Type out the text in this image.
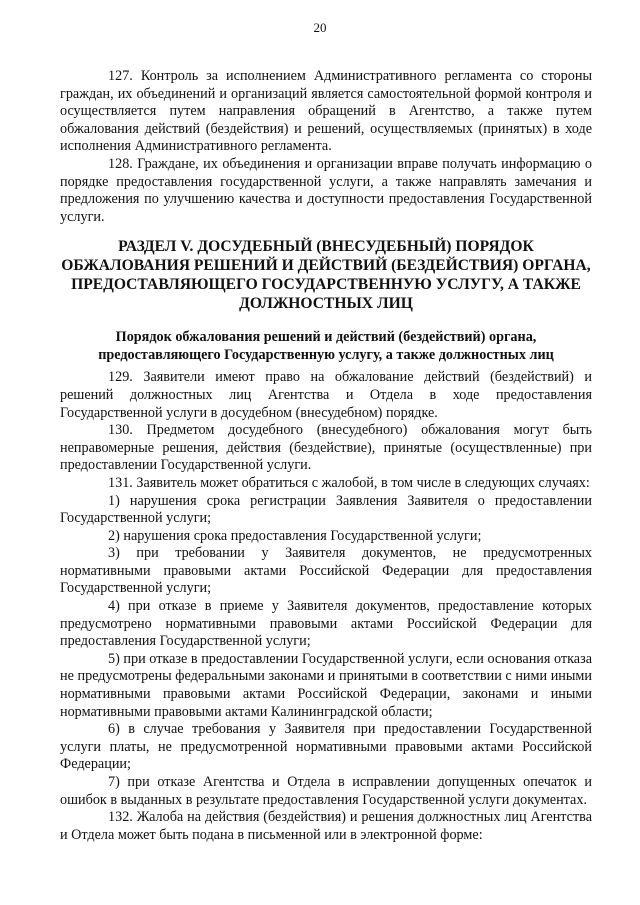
20

127. Контроль за исполнением Административного регламента со стороны граждан, их объединений и организаций является самостоятельной формой контроля и осуществляется путем направления обращений в Агентство, а также путем обжалования действий (бездействия) и решений, осуществляемых (принятых) в ходе исполнения Административного регламента.

128. Граждане, их объединения и организации вправе получать информацию о порядке предоставления государственной услуги, а также направлять замечания и предложения по улучшению качества и доступности предоставления Государственной услуги.

РАЗДЕЛ V. ДОСУДЕБНЫЙ (ВНЕСУДЕБНЫЙ) ПОРЯДОК ОБЖАЛОВАНИЯ РЕШЕНИЙ И ДЕЙСТВИЙ (БЕЗДЕЙСТВИЯ) ОРГАНА, ПРЕДОСТАВЛЯЮЩЕГО ГОСУДАРСТВЕННУЮ УСЛУГУ, А ТАКЖЕ ДОЛЖНОСТНЫХ ЛИЦ
Порядок обжалования решений и действий (бездействий) органа, предоставляющего Государственную услугу, а также должностных лиц

129. Заявители имеют право на обжалование действий (бездействий) и решений должностных лиц Агентства и Отдела в ходе предоставления Государственной услуги в досудебном (внесудебном) порядке.

130. Предметом досудебного (внесудебного) обжалования могут быть неправомерные решения, действия (бездействие), принятые (осуществленные) при предоставлении Государственной услуги.

131. Заявитель может обратиться с жалобой, в том числе в следующих случаях:

1) нарушения срока регистрации Заявления Заявителя о предоставлении Государственной услуги;

2) нарушения срока предоставления Государственной услуги;

3) при требовании у Заявителя документов, не предусмотренных нормативными правовыми актами Российской Федерации для предоставления Государственной услуги;

4) при отказе в приеме у Заявителя документов, предоставление которых предусмотрено нормативными правовыми актами Российской Федерации для предоставления Государственной услуги;

5) при отказе в предоставлении Государственной услуги, если основания отказа не предусмотрены федеральными законами и принятыми в соответствии с ними иными нормативными правовыми актами Российской Федерации, законами и иными нормативными правовыми актами Калининградской области;

6) в случае требования у Заявителя при предоставлении Государственной услуги платы, не предусмотренной нормативными правовыми актами Российской Федерации;

7) при отказе Агентства и Отдела в исправлении допущенных опечаток и ошибок в выданных в результате предоставления Государственной услуги документах.

132. Жалоба на действия (бездействия) и решения должностных лиц Агентства и Отдела может быть подана в письменной или в электронной форме:
